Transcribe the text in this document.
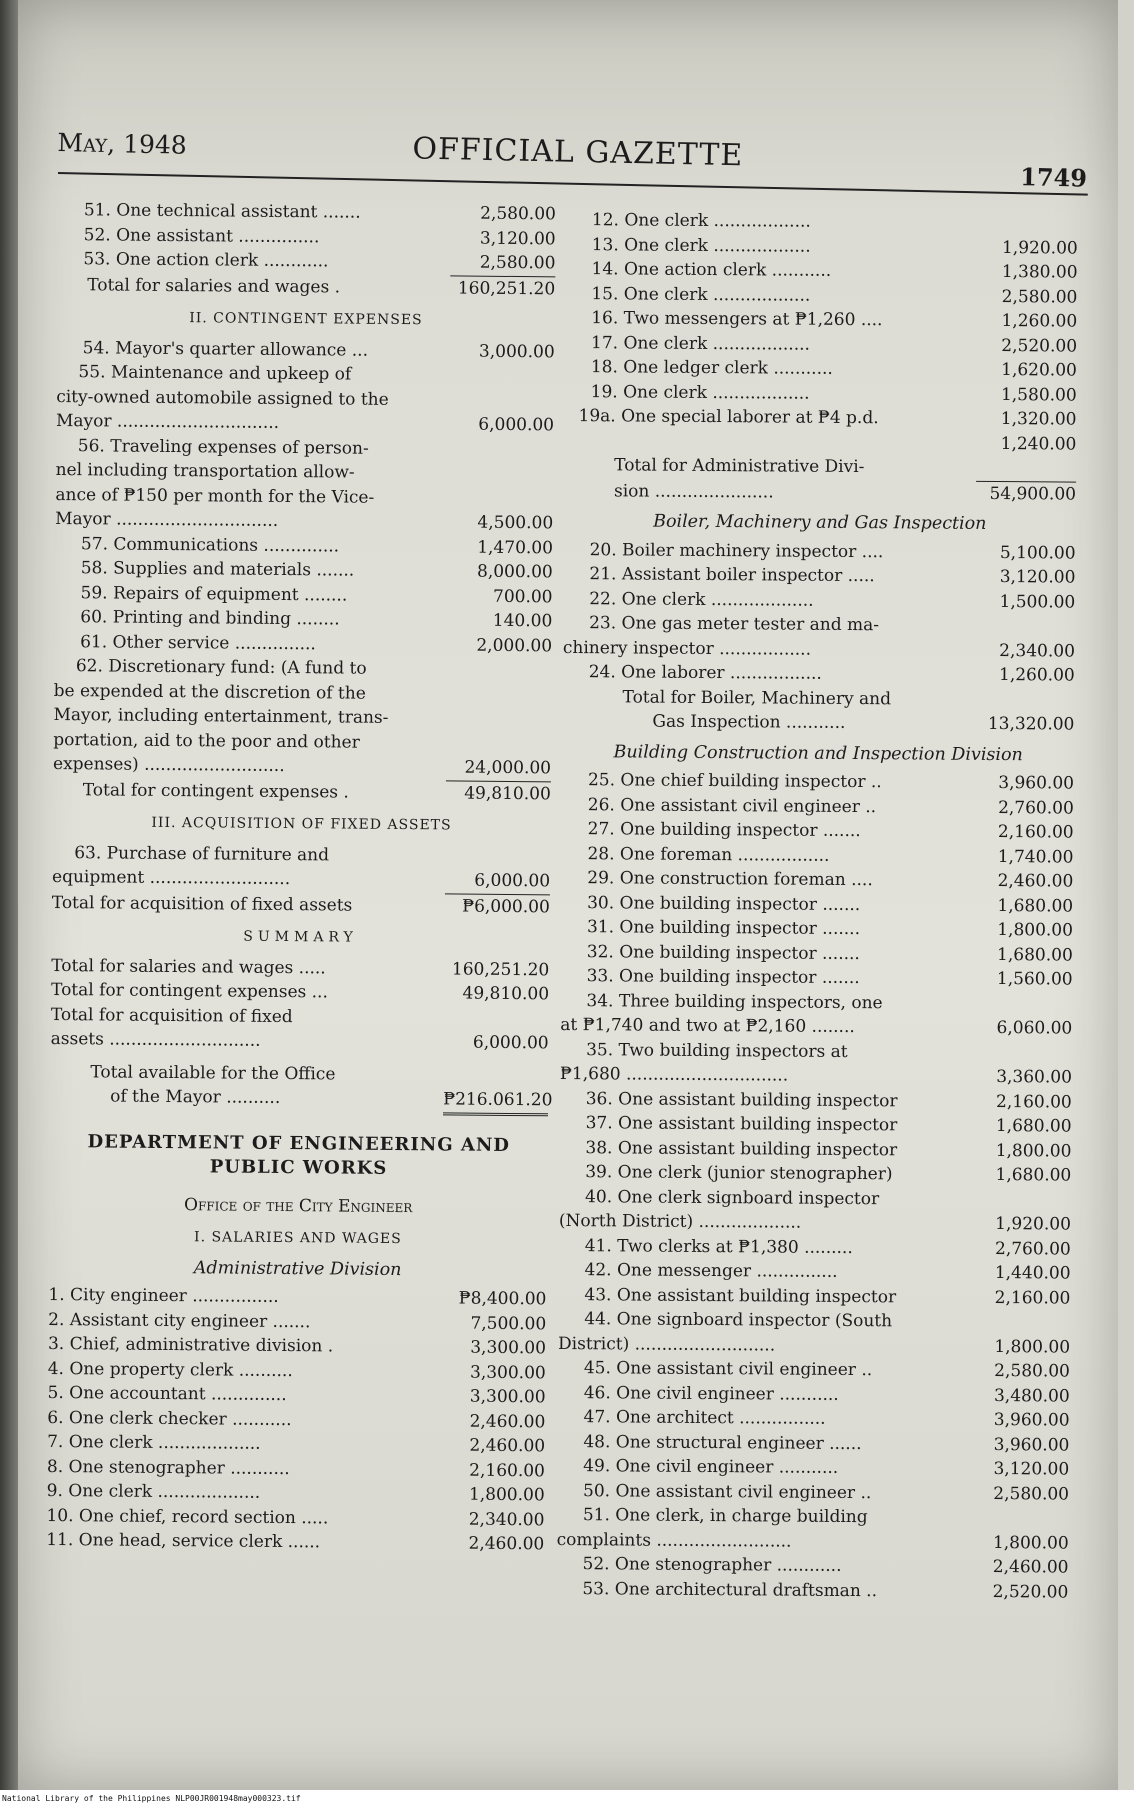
May, 1948	OFFICIAL GAZETTE
1749
51. One technical assistant .......	2,580.00
52. One assistant ...............	3,120.00
53. One action clerk ............	2,580.00
Total for salaries and wages .	160,251.20
II. CONTINGENT EXPENSES
54. Mayor's quarter allowance ...	3,000.00
55. Maintenance and upkeep of
city-owned automobile assigned to the
Mayor ..............................	6,000.00
56. Traveling expenses of person-
nel including transportation allow-
ance of ₱150 per month for the Vice-
Mayor ..............................	4,500.00
57. Communications ..............	1,470.00
58. Supplies and materials .......	8,000.00
59. Repairs of equipment ........	700.00
60. Printing and binding ........	140.00
61. Other service ...............	2,000.00
62. Discretionary fund: (A fund to
be expended at the discretion of the
Mayor, including entertainment, trans-
portation, aid to the poor and other
expenses) ..........................	24,000.00
Total for contingent expenses .	49,810.00
III. ACQUISITION OF FIXED ASSETS
63. Purchase of furniture and
equipment ..........................	6,000.00
Total for acquisition of fixed assets	₱6,000.00
SUMMARY
Total for salaries and wages .....	160,251.20
Total for contingent expenses ...	49,810.00
Total for acquisition of fixed
assets ............................	6,000.00
Total available for the Office
of the Mayor ..........	₱216.061.20
DEPARTMENT OF ENGINEERING AND
PUBLIC WORKS
Office of the City Engineer
I. SALARIES AND WAGES
Administrative Division
1. City engineer ................	₱8,400.00
2. Assistant city engineer .......	7,500.00
3. Chief, administrative division .	3,300.00
4. One property clerk ..........	3,300.00
5. One accountant ..............	3,300.00
6. One clerk checker ...........	2,460.00
7. One clerk ...................	2,460.00
8. One stenographer ...........	2,160.00
9. One clerk ...................	1,800.00
10. One chief, record section .....	2,340.00
11. One head, service clerk ......	2,460.00
12. One clerk ..................
13. One clerk ..................	1,920.00
14. One action clerk ...........	1,380.00
15. One clerk ..................	2,580.00
16. Two messengers at ₱1,260 ....	1,260.00
17. One clerk ..................	2,520.00
18. One ledger clerk ...........	1,620.00
19. One clerk ..................	1,580.00
19a. One special laborer at ₱4 p.d.	1,320.00
1,240.00
Total for Administrative Divi-
sion ......................	54,900.00
Boiler, Machinery and Gas Inspection
20. Boiler machinery inspector ....	5,100.00
21. Assistant boiler inspector .....	3,120.00
22. One clerk ...................	1,500.00
23. One gas meter tester and ma-
chinery inspector .................	2,340.00
24. One laborer .................	1,260.00
Total for Boiler, Machinery and
Gas Inspection ...........	13,320.00
Building Construction and Inspection Division
25. One chief building inspector ..	3,960.00
26. One assistant civil engineer ..	2,760.00
27. One building inspector .......	2,160.00
28. One foreman .................	1,740.00
29. One construction foreman ....	2,460.00
30. One building inspector .......	1,680.00
31. One building inspector .......	1,800.00
32. One building inspector .......	1,680.00
33. One building inspector .......	1,560.00
34. Three building inspectors, one
at ₱1,740 and two at ₱2,160 ........	6,060.00
35. Two building inspectors at
₱1,680 ..............................	3,360.00
36. One assistant building inspector	2,160.00
37. One assistant building inspector	1,680.00
38. One assistant building inspector	1,800.00
39. One clerk (junior stenographer)	1,680.00
40. One clerk signboard inspector
(North District) ...................	1,920.00
41. Two clerks at ₱1,380 .........	2,760.00
42. One messenger ...............	1,440.00
43. One assistant building inspector	2,160.00
44. One signboard inspector (South
District) ..........................	1,800.00
45. One assistant civil engineer ..	2,580.00
46. One civil engineer ...........	3,480.00
47. One architect ................	3,960.00
48. One structural engineer ......	3,960.00
49. One civil engineer ...........	3,120.00
50. One assistant civil engineer ..	2,580.00
51. One clerk, in charge building
complaints .........................	1,800.00
52. One stenographer ............	2,460.00
53. One architectural draftsman ..	2,520.00
National Library of the Philippines NLP00JR001948may000323.tif
